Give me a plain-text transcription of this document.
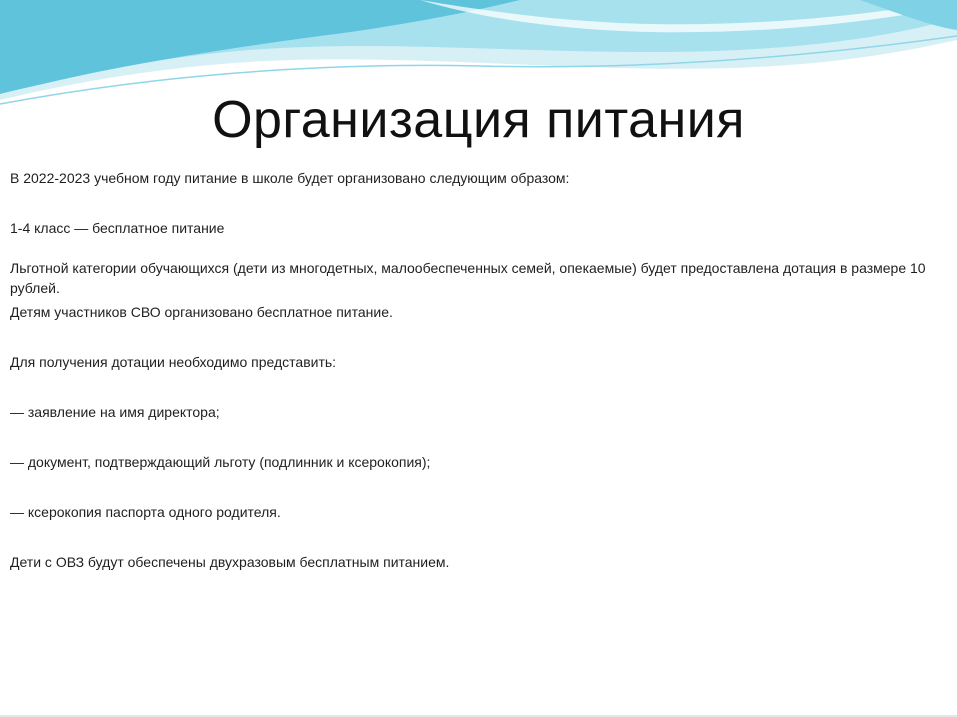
Организация питания

В 2022-2023 учебном году питание в школе будет организовано следующим образом:

1-4 класс — бесплатное питание

Льготной категории обучающихся (дети из многодетных, малообеспеченных семей, опекаемые) будет предоставлена дотация в размере 10 рублей.

Детям участников СВО организовано бесплатное питание.

Для получения дотации необходимо представить:

— заявление на имя директора;

— документ, подтверждающий льготу (подлинник и ксерокопия);

— ксерокопия паспорта одного родителя.

Дети с ОВЗ будут обеспечены двухразовым бесплатным питанием.
